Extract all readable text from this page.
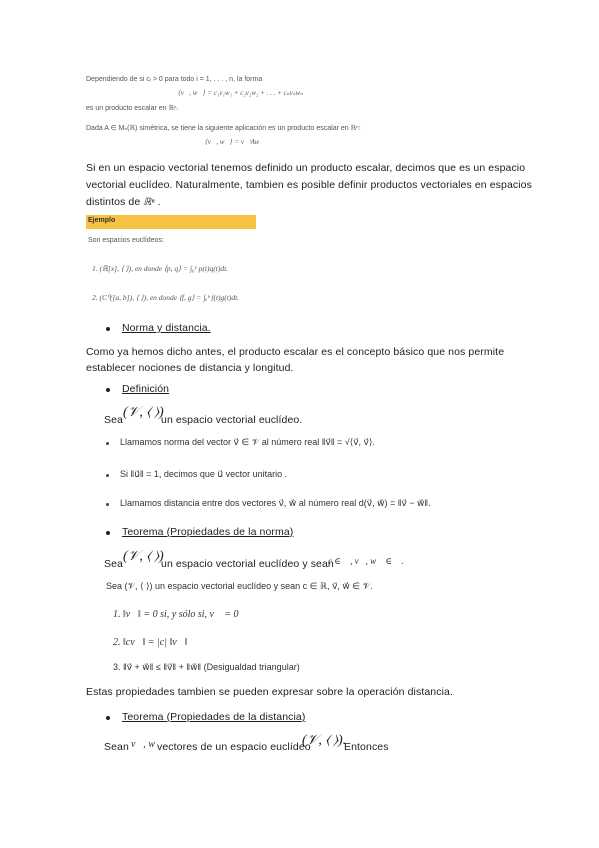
Dependiendo de si cᵢ > 0 para todo i = 1, . . . , n, la forma
⟨v⃗, w⃗⟩ = c₁v₁w₁ + c₂v₂w₂ + . . . + cₙvₙwₙ
es un producto escalar en ℝⁿ.
Dada A ∈ Mₙ(ℝ) simétrica, se tiene la siguiente aplicación es un producto escalar en ℝⁿ:
⟨v⃗, w⃗⟩ = v⃗ᵗAw⃗
Si en un espacio vectorial tenemos definido un producto escalar, decimos que es un espacio
vectorial euclídeo. Naturalmente, tambien es posible definir productos vectoriales en espacios
distintos de ℝⁿ .
Ejemplo
Son espacios euclídeos:
1. (ℝ[x], ⟨ ⟩), en donde ⟨p, q⟩ = ∫₀¹ p(t)q(t)dt.
2. (C⁰([a, b]), ⟨ ⟩), en donde ⟨f, g⟩ = ∫ₐᵇ f(t)g(t)dt.
Norma y distancia.
Como ya hemos dicho antes, el producto escalar es el concepto básico que nos permite
establecer nociones de distancia y longitud.
Definición
Sea (𝒱, ⟨ ⟩)
un espacio vectorial euclídeo.
Llamamos norma del vector v⃗ ∈ 𝒱 al número real ‖v⃗‖ = √⟨v⃗, v⃗⟩.
Si ‖u⃗‖ = 1, decimos que u⃗ vector unitario .
Llamamos distancia entre dos vectores v⃗, w⃗ al número real d(v⃗, w⃗) = ‖v⃗ − w⃗‖.
Teorema (Propiedades de la norma)
Sea (𝒱, ⟨ ⟩)
un espacio vectorial euclídeo y sean
c ∈ ℝ, v⃗, w⃗ ∈ 𝒱.
Sea (𝒱, ⟨ ⟩) un espacio vectorial euclídeo y sean c ∈ ℝ, v⃗, w⃗ ∈ 𝒱.
1. ‖v⃗‖ = 0 si, y sólo si, v⃗ = 0
2. ‖cv⃗‖ = |c| ‖v⃗‖
3. ‖v⃗ + w⃗‖ ≤ ‖v⃗‖ + ‖w⃗‖ (Desigualdad triangular)
Estas propiedades tambien se pueden expresar sobre la operación distancia.
Teorema (Propiedades de la distancia)
Sean v⃗, w⃗
vectores de un espacio euclídeo
(𝒱, ⟨ ⟩).
Entonces
